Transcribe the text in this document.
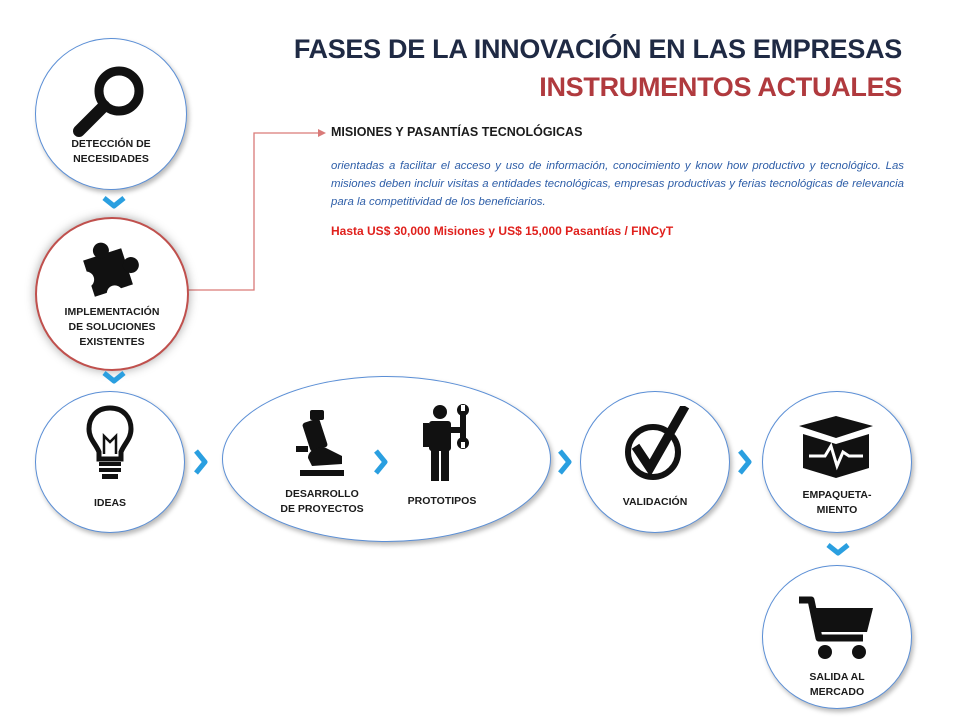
FASES DE LA INNOVACIÓN EN LAS EMPRESAS
INSTRUMENTOS ACTUALES
MISIONES Y PASANTÍAS TECNOLÓGICAS
orientadas a facilitar el acceso y uso de información, conocimiento y know how productivo y tecnológico. Las misiones deben incluir visitas a entidades tecnológicas, empresas productivas y ferias tecnológicas de relevancia para la competitividad de los beneficiarios.
Hasta US$ 30,000 Misiones y US$ 15,000 Pasantías / FINCyT
DETECCIÓN DE
NECESIDADES
IMPLEMENTACIÓN
DE SOLUCIONES
EXISTENTES
IDEAS
DESARROLLO
DE PROYECTOS
PROTOTIPOS	VALIDACIÓN
EMPAQUETA-
MIENTO
SALIDA AL
MERCADO
